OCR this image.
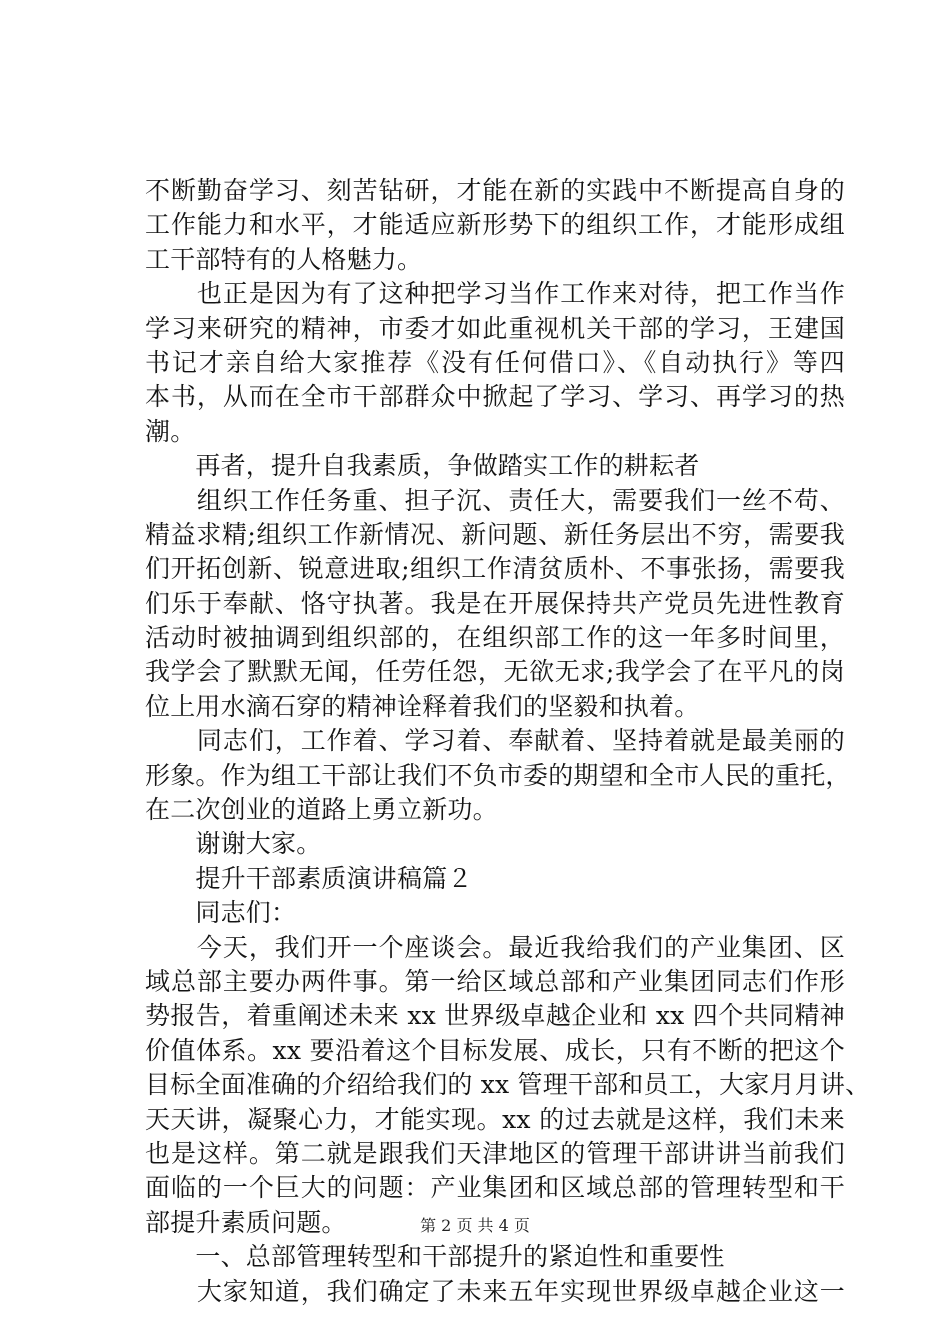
不断勤奋学习、刻苦钻研，才能在新的实践中不断提高自身的
工作能力和水平，才能适应新形势下的组织工作，才能形成组
工干部特有的人格魅力。
　　也正是因为有了这种把学习当作工作来对待，把工作当作
学习来研究的精神，市委才如此重视机关干部的学习，王建国
书记才亲自给大家推荐《没有任何借口》、《自动执行》等四
本书，从而在全市干部群众中掀起了学习、学习、再学习的热
潮。
　　再者，提升自我素质，争做踏实工作的耕耘者
　　组织工作任务重、担子沉、责任大，需要我们一丝不苟、
精益求精;组织工作新情况、新问题、新任务层出不穷，需要我
们开拓创新、锐意进取;组织工作清贫质朴、不事张扬，需要我
们乐于奉献、恪守执著。我是在开展保持共产党员先进性教育
活动时被抽调到组织部的，在组织部工作的这一年多时间里，
我学会了默默无闻，任劳任怨，无欲无求;我学会了在平凡的岗
位上用水滴石穿的精神诠释着我们的坚毅和执着。
　　同志们，工作着、学习着、奉献着、坚持着就是最美丽的
形象。作为组工干部让我们不负市委的期望和全市人民的重托，
在二次创业的道路上勇立新功。
　　谢谢大家。
　　提升干部素质演讲稿篇２
　　同志们：
　　今天，我们开一个座谈会。最近我给我们的产业集团、区
域总部主要办两件事。第一给区域总部和产业集团同志们作形
势报告，着重阐述未来 xx 世界级卓越企业和 xx 四个共同精神
价值体系。xx 要沿着这个目标发展、成长，只有不断的把这个
目标全面准确的介绍给我们的 xx 管理干部和员工，大家月月讲、
天天讲，凝聚心力，才能实现。xx 的过去就是这样，我们未来
也是这样。第二就是跟我们天津地区的管理干部讲讲当前我们
面临的一个巨大的问题：产业集团和区域总部的管理转型和干
部提升素质问题。
　　一、总部管理转型和干部提升的紧迫性和重要性
　　大家知道，我们确定了未来五年实现世界级卓越企业这一
第 2 页 共 4 页
